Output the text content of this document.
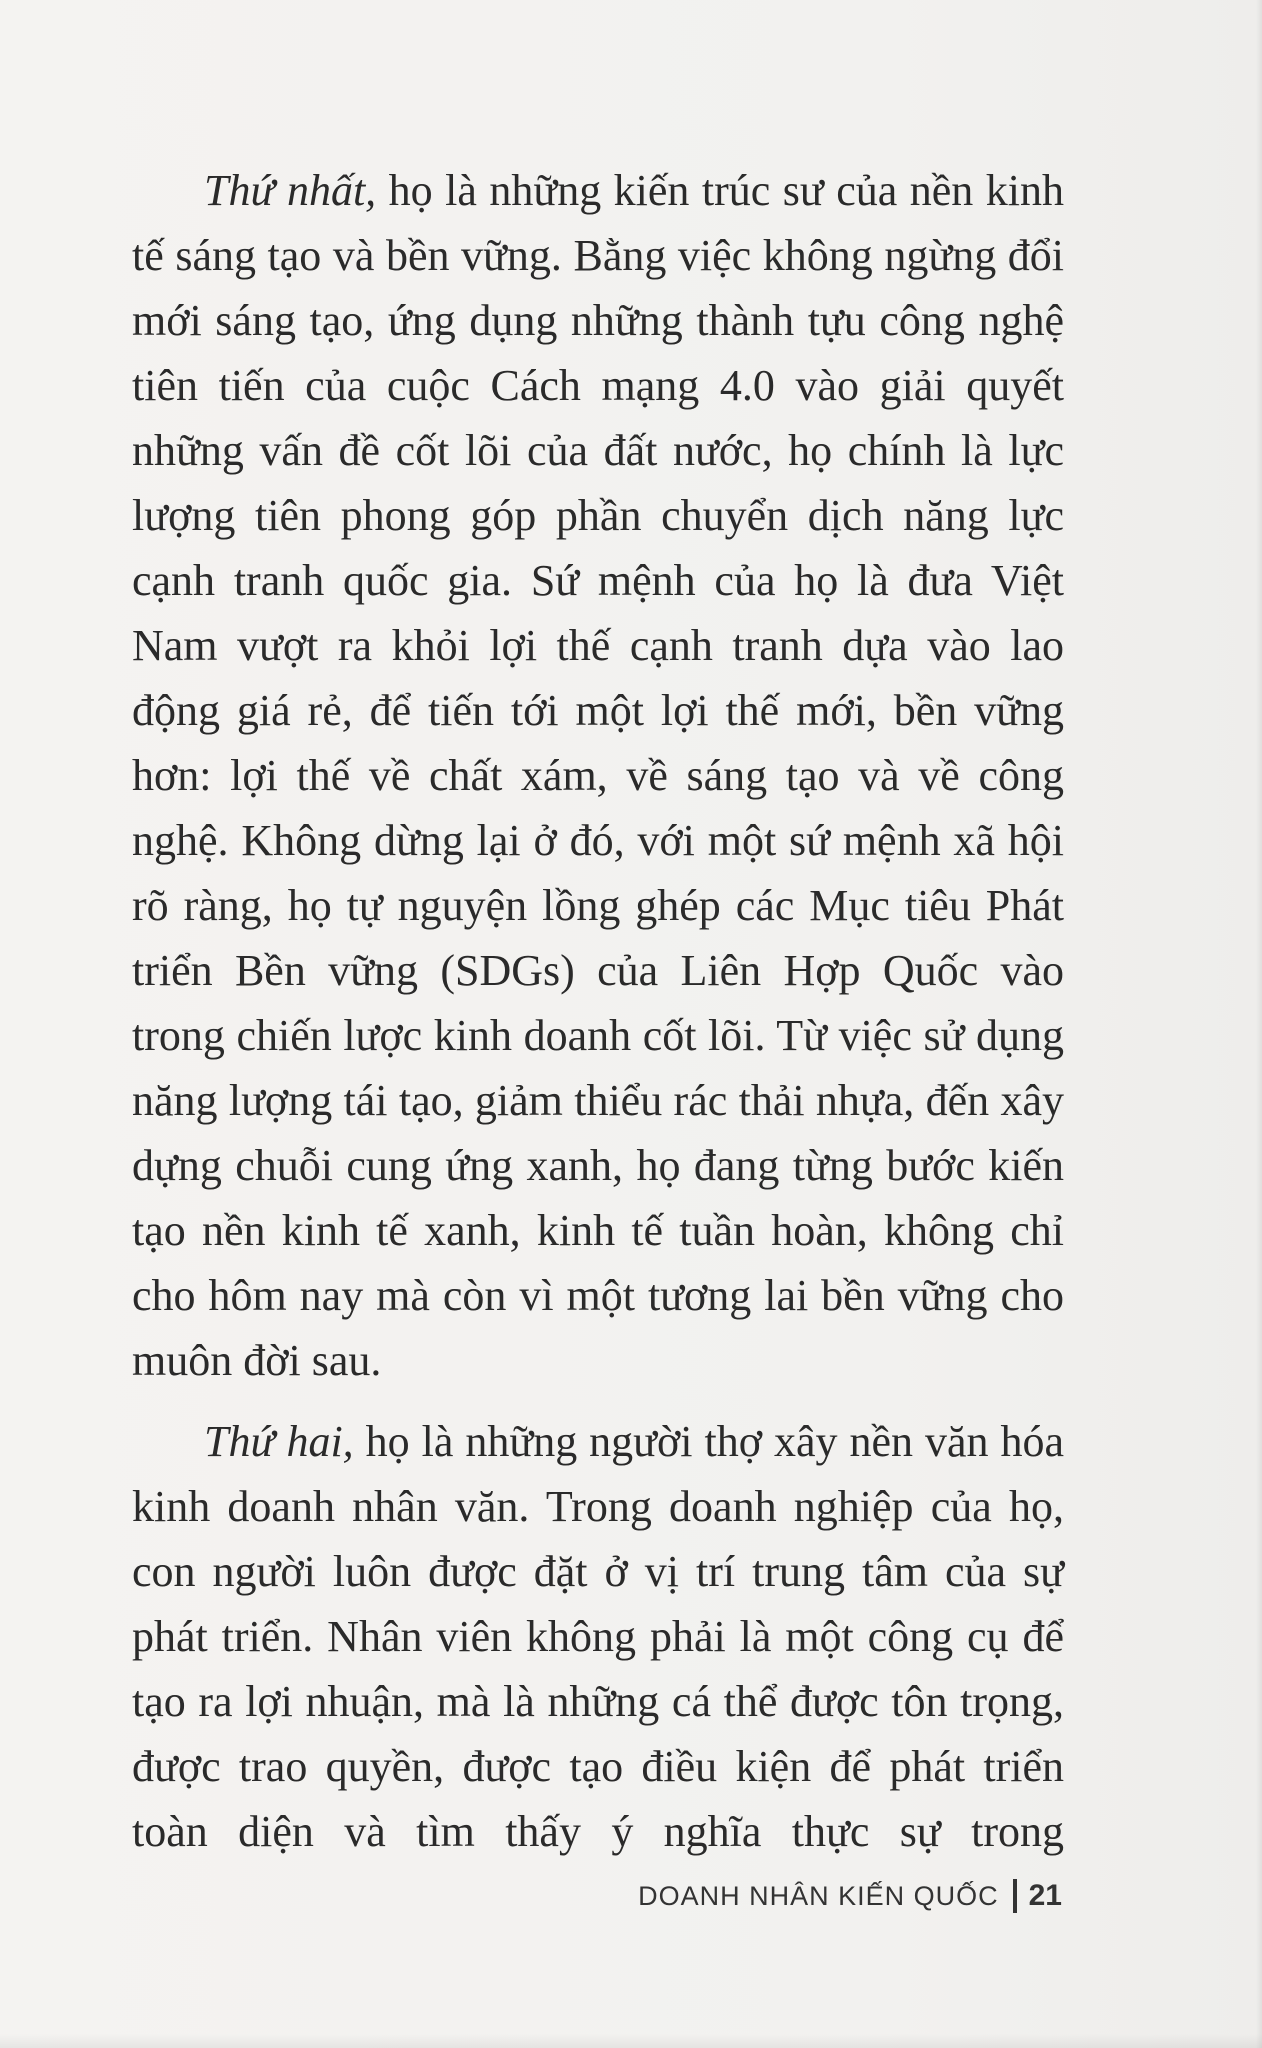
Thứ nhất, họ là những kiến trúc sư của nền kinh tế sáng tạo và bền vững. Bằng việc không ngừng đổi mới sáng tạo, ứng dụng những thành tựu công nghệ tiên tiến của cuộc Cách mạng 4.0 vào giải quyết những vấn đề cốt lõi của đất nước, họ chính là lực lượng tiên phong góp phần chuyển dịch năng lực cạnh tranh quốc gia. Sứ mệnh của họ là đưa Việt Nam vượt ra khỏi lợi thế cạnh tranh dựa vào lao động giá rẻ, để tiến tới một lợi thế mới, bền vững hơn: lợi thế về chất xám, về sáng tạo và về công nghệ. Không dừng lại ở đó, với một sứ mệnh xã hội rõ ràng, họ tự nguyện lồng ghép các Mục tiêu Phát triển Bền vững (SDGs) của Liên Hợp Quốc vào trong chiến lược kinh doanh cốt lõi. Từ việc sử dụng năng lượng tái tạo, giảm thiểu rác thải nhựa, đến xây dựng chuỗi cung ứng xanh, họ đang từng bước kiến tạo nền kinh tế xanh, kinh tế tuần hoàn, không chỉ cho hôm nay mà còn vì một tương lai bền vững cho muôn đời sau.

Thứ hai, họ là những người thợ xây nền văn hóa kinh doanh nhân văn. Trong doanh nghiệp của họ, con người luôn được đặt ở vị trí trung tâm của sự phát triển. Nhân viên không phải là một công cụ để tạo ra lợi nhuận, mà là những cá thể được tôn trọng, được trao quyền, được tạo điều kiện để phát triển toàn diện và tìm thấy ý nghĩa thực sự trong

DOANH NHÂN KIẾN QUỐC 21
